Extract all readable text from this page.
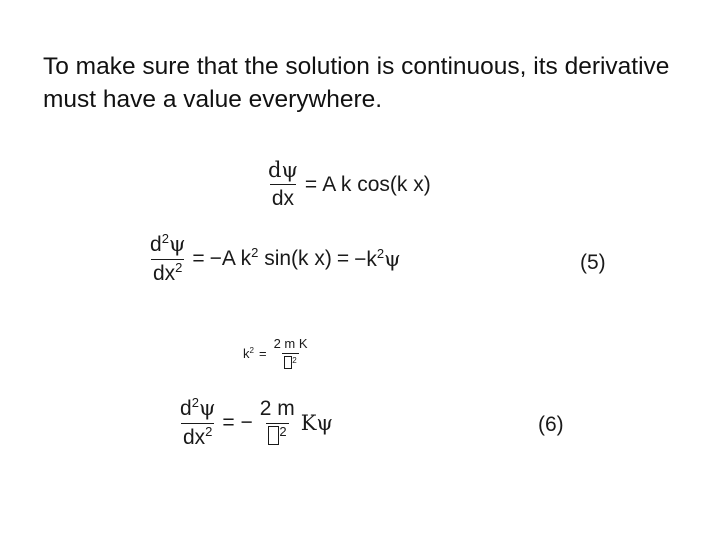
To make sure that the solution is continuous, its derivative must have a value everywhere.
$\frac{d\psi}{dx} = A$ k cos(k x)
$\frac{d^2\psi}{dx^2} = -A$ $k^2$ sin(k $x) = -k^2\psi$	(5)
$k^2 = \frac{\text{2 m K}}{^2}$
$\frac{d^2\psi}{dx^2}$ = − $\frac{2 m}{^2}$ Kψ	(6)
